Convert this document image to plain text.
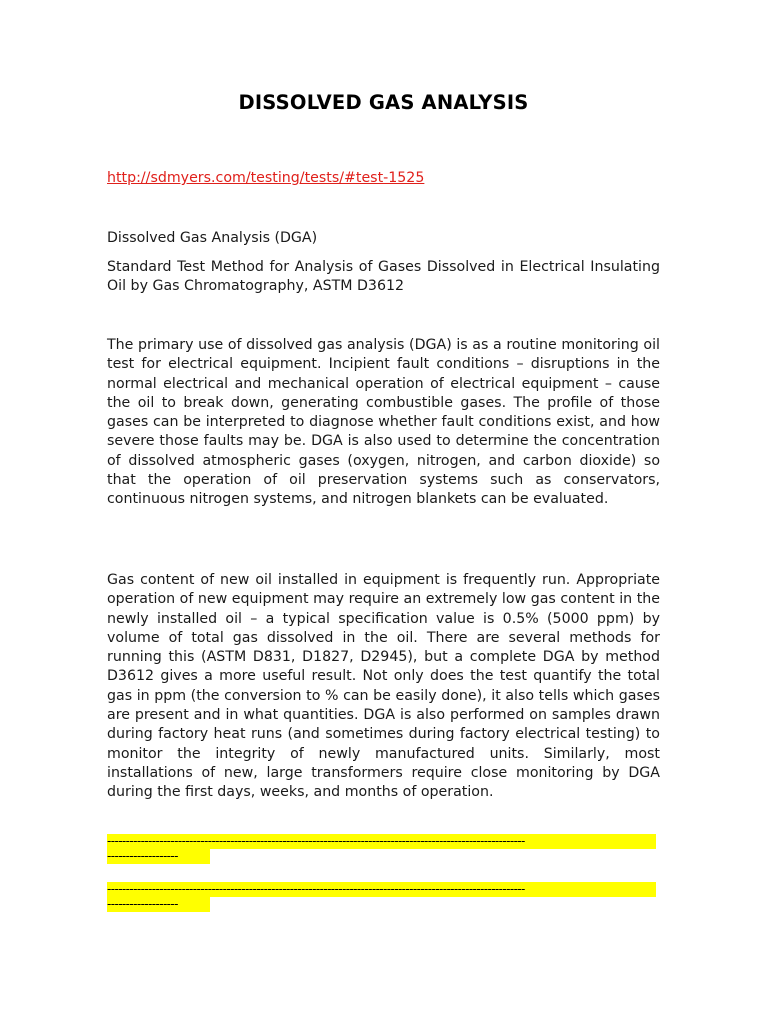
DISSOLVED GAS ANALYSIS
http://sdmyers.com/testing/tests/#test-1525

Dissolved Gas Analysis (DGA)

Standard Test Method for Analysis of Gases Dissolved in Electrical Insulating Oil by Gas Chromatography, ASTM D3612

The primary use of dissolved gas analysis (DGA) is as a routine monitoring oil test for electrical equipment. Incipient fault conditions – disruptions in the normal electrical and mechanical operation of electrical equipment – cause the oil to break down, generating combustible gases. The profile of those gases can be interpreted to diagnose whether fault conditions exist, and how severe those faults may be. DGA is also used to determine the concentration of dissolved atmospheric gases (oxygen, nitrogen, and carbon dioxide) so that the operation of oil preservation systems such as conservators, continuous nitrogen systems, and nitrogen blankets can be evaluated.

Gas content of new oil installed in equipment is frequently run. Appropriate operation of new equipment may require an extremely low gas content in the newly installed oil – a typical specification value is 0.5% (5000 ppm) by volume of total gas dissolved in the oil. There are several methods for running this (ASTM D831, D1827, D2945), but a complete DGA by method D3612 gives a more useful result. Not only does the test quantify the total gas in ppm (the conversion to % can be easily done), it also tells which gases are present and in what quantities. DGA is also performed on samples drawn during factory heat runs (and sometimes during factory electrical testing) to monitor the integrity of newly manufactured units. Similarly, most installations of new, large transformers require close monitoring by DGA during the first days, weeks, and months of operation.

----------------------------------------------------------------------------------------------------------------
-------------------
----------------------------------------------------------------------------------------------------------------
-------------------
